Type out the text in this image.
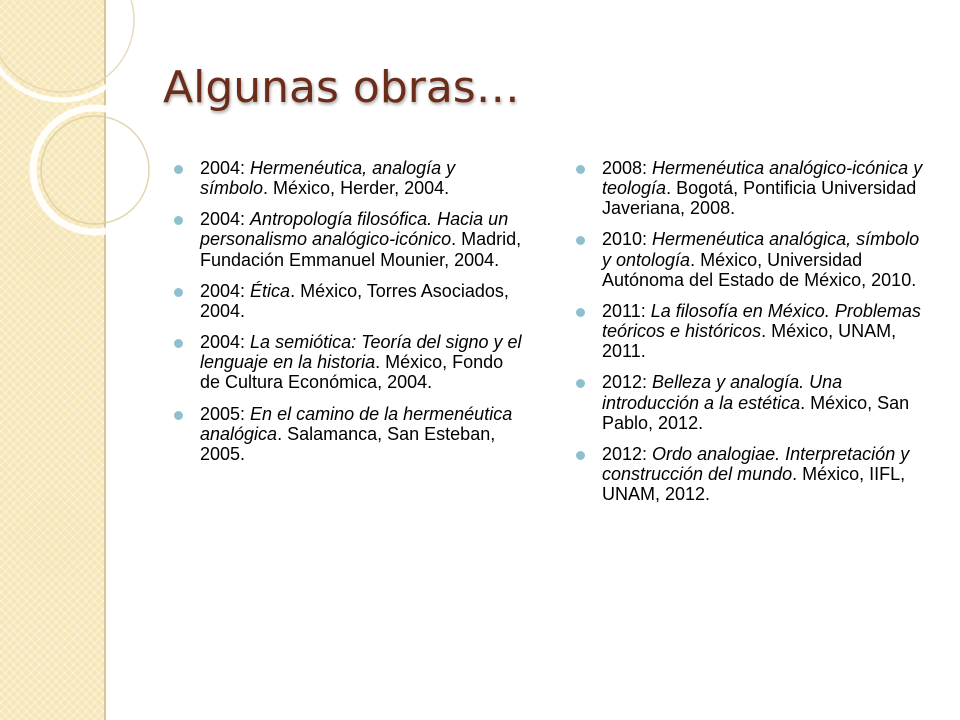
Algunas obras…
2004: Hermenéutica, analogía y símbolo. México, Herder, 2004.
2004: Antropología filosófica. Hacia un personalismo analógico-icónico. Madrid, Fundación Emmanuel Mounier, 2004.
2004: Ética. México, Torres Asociados, 2004.
2004: La semiótica: Teoría del signo y el lenguaje en la historia. México, Fondo de Cultura Económica, 2004.
2005: En el camino de la hermenéutica analógica. Salamanca, San Esteban, 2005.
2008: Hermenéutica analógico-icónica y teología. Bogotá, Pontificia Universidad Javeriana, 2008.
2010: Hermenéutica analógica, símbolo y ontología. México, Universidad Autónoma del Estado de México, 2010.
2011: La filosofía en México. Problemas teóricos e históricos. México, UNAM, 2011.
2012: Belleza y analogía. Una introducción a la estética. México, San Pablo, 2012.
2012: Ordo analogiae. Interpretación y construcción del mundo. México, IIFL, UNAM, 2012.
